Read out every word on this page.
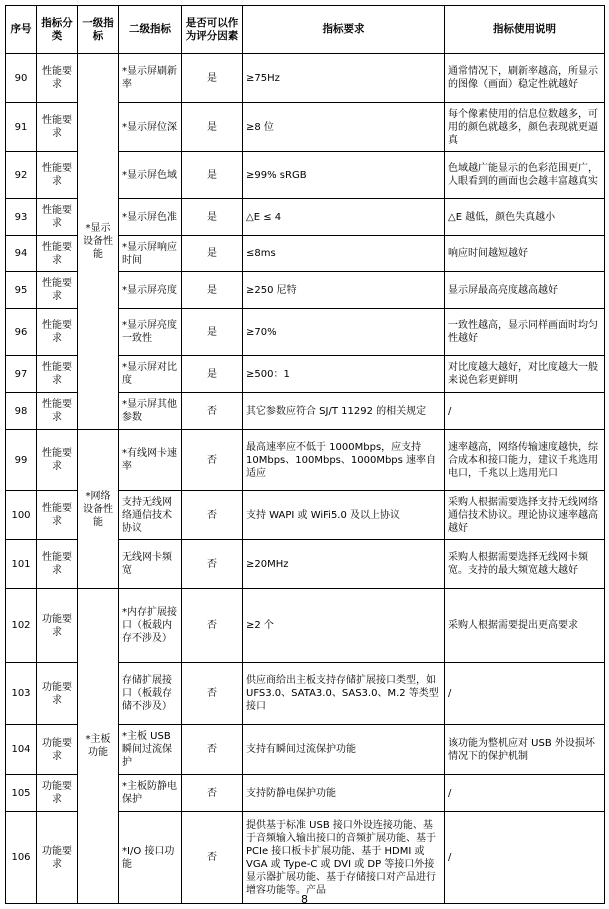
序号	指标分类	一级指标	二级指标	是否可以作为评分因素	指标要求	指标使用说明
90	性能要求	*显示设备性能	*显示屏刷新率	是	≥75Hz	通常情况下，刷新率越高，所显示的图像（画面）稳定性就越好
91	性能要求		*显示屏位深	是	≥8 位	每个像素使用的信息位数越多，可用的颜色就越多，颜色表现就更逼真
92	性能要求		*显示屏色域	是	≥99% sRGB	色域越广能显示的色彩范围更广，人眼看到的画面也会越丰富越真实
93	性能要求		*显示屏色准	是	△E ≤ 4	△E 越低，颜色失真越小
94	性能要求		*显示屏响应时间	是	≤8ms	响应时间越短越好
95	性能要求		*显示屏亮度	是	≥250 尼特	显示屏最高亮度越高越好
96	性能要求		*显示屏亮度一致性	是	≥70%	一致性越高，显示同样画面时均匀性越好
97	性能要求		*显示屏对比度	是	≥500：1	对比度越大越好，对比度越大一般来说色彩更鲜明
98	性能要求		*显示屏其他参数	否	其它参数应符合 SJ/T 11292 的相关规定	/
99	性能要求	*网络设备性能	*有线网卡速率	否	最高速率应不低于 1000Mbps，应支持 10Mbps、100Mbps、1000Mbps 速率自适应	速率越高，网络传输速度越快，综合成本和接口能力，建议千兆选用电口，千兆以上选用光口
100	性能要求		支持无线网络通信技术协议	否	支持 WAPI 或 WiFi5.0 及以上协议	采购人根据需要选择支持无线网络通信技术协议。理论协议速率越高越好
101	性能要求		无线网卡频宽	否	≥20MHz	采购人根据需要选择无线网卡频宽。支持的最大频宽越大越好
102	功能要求	*主板功能	*内存扩展接口（板载内存不涉及）	否	≥2 个	采购人根据需要提出更高要求
103	功能要求		存储扩展接口（板载存储不涉及）	否	供应商给出主板支持存储扩展接口类型，如 UFS3.0、SATA3.0、SAS3.0、M.2 等类型接口	/
104	功能要求		*主板 USB 瞬间过流保护	否	支持有瞬间过流保护功能	该功能为整机应对 USB 外设损坏情况下的保护机制
105	功能要求		*主板防静电保护	否	支持防静电保护功能	/
106	功能要求		*I/O 接口功能	否	提供基于标准 USB 接口外设连接功能、基于音频输入输出接口的音频扩展功能、基于 PCIe 接口板卡扩展功能、基于 HDMI 或 VGA 或 Type-C 或 DVI 或 DP 等接口外接显示器扩展功能、基于存储接口对产品进行增容功能等。产品	/
8
